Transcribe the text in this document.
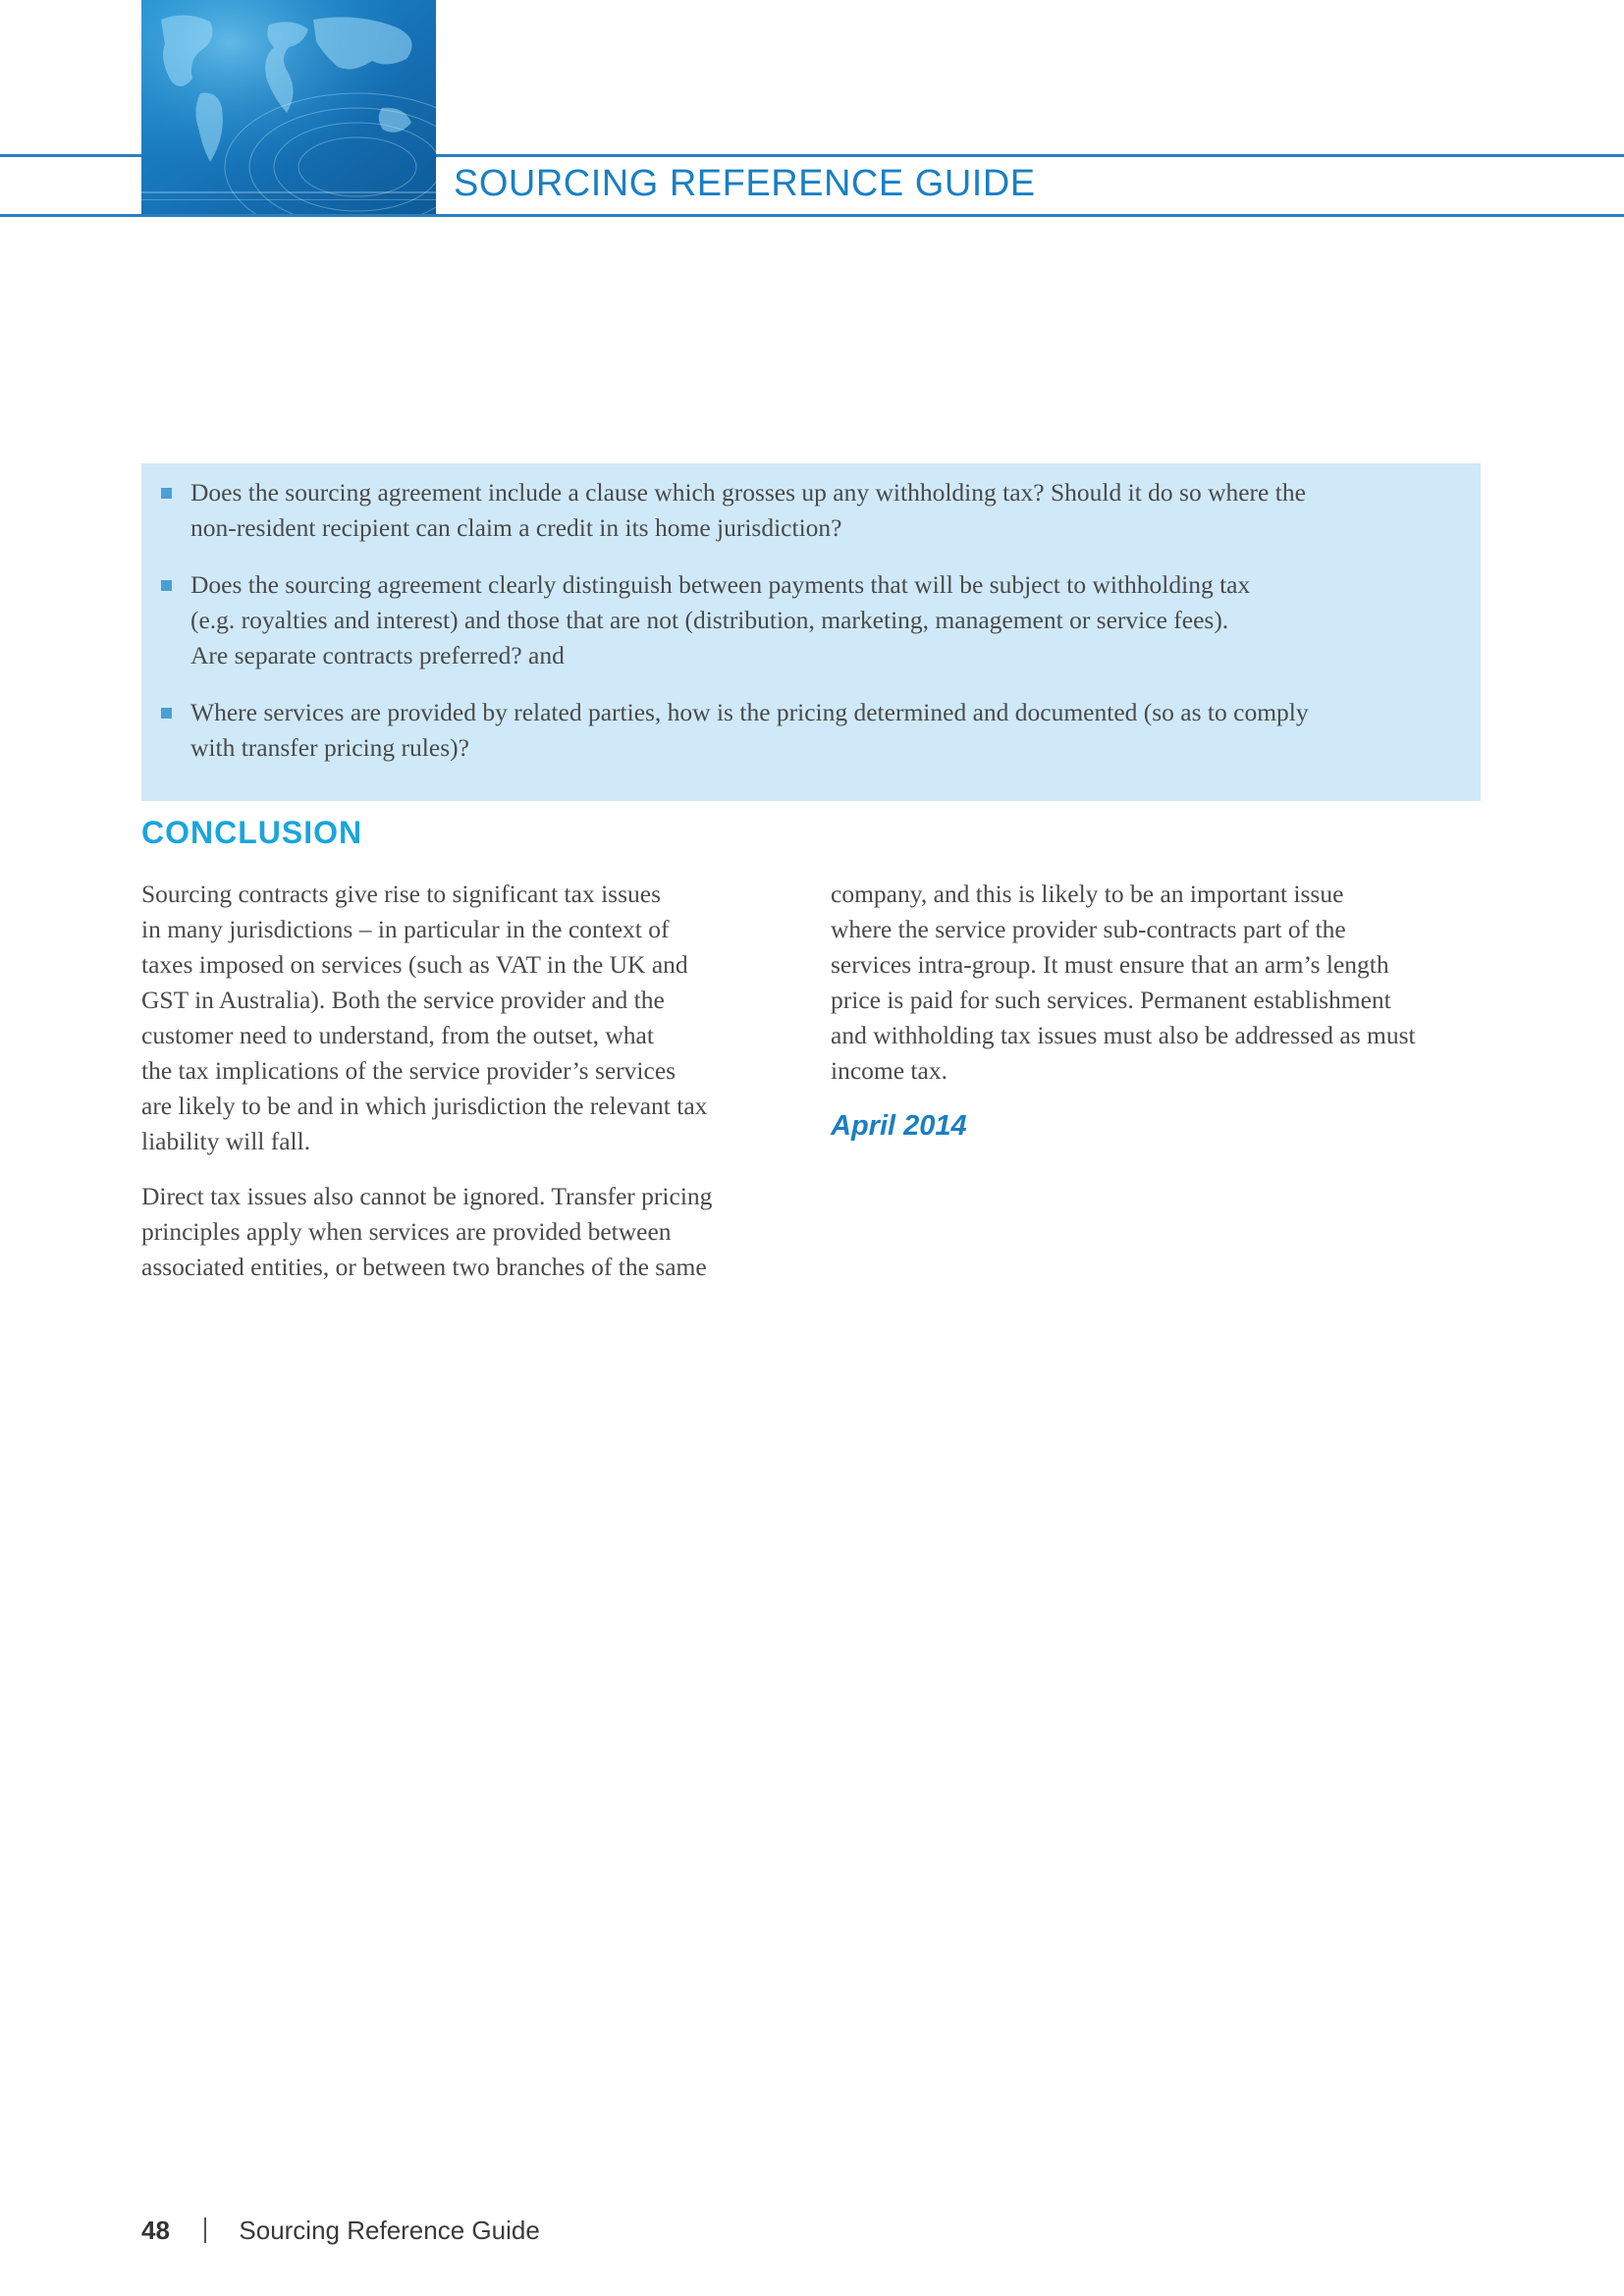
SOURCING REFERENCE GUIDE
Does the sourcing agreement include a clause which grosses up any withholding tax? Should it do so where the
non-resident recipient can claim a credit in its home jurisdiction?
Does the sourcing agreement clearly distinguish between payments that will be subject to withholding tax
(e.g. royalties and interest) and those that are not (distribution, marketing, management or service fees).
Are separate contracts preferred? and
Where services are provided by related parties, how is the pricing determined and documented (so as to comply
with transfer pricing rules)?
CONCLUSION

Sourcing contracts give rise to significant tax issues
in many jurisdictions – in particular in the context of
taxes imposed on services (such as VAT in the UK and
GST in Australia). Both the service provider and the
customer need to understand, from the outset, what
the tax implications of the service provider’s services
are likely to be and in which jurisdiction the relevant tax
liability will fall.

Direct tax issues also cannot be ignored. Transfer pricing
principles apply when services are provided between
associated entities, or between two branches of the same

company, and this is likely to be an important issue
where the service provider sub-contracts part of the
services intra-group. It must ensure that an arm’s length
price is paid for such services. Permanent establishment
and withholding tax issues must also be addressed as must
income tax.

April 2014
48	Sourcing Reference Guide
